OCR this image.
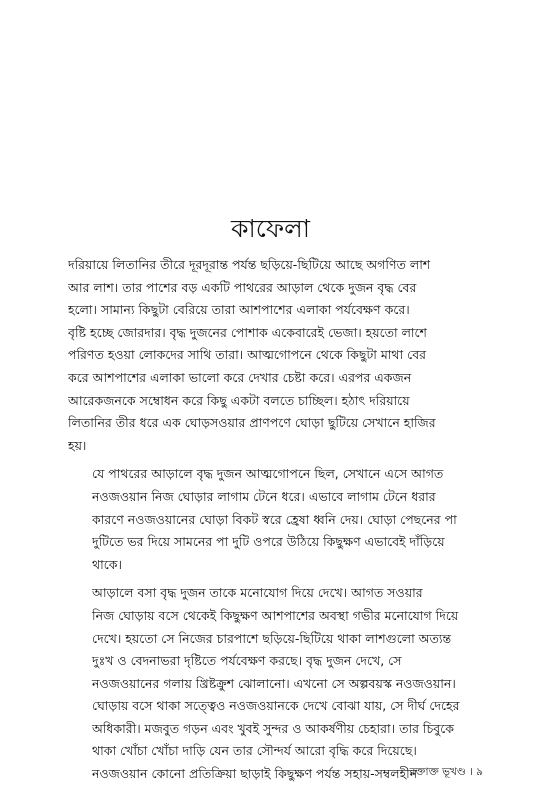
কাফেলা

দরিয়ায়ে লিতানির তীরে দূরদূরান্ত পর্যন্ত ছড়িয়ে-ছিটিয়ে আছে অগণিত লাশ
আর লাশ। তার পাশের বড় একটি পাথরের আড়াল থেকে দুজন বৃদ্ধ বের
হলো। সামান্য কিছুটা বেরিয়ে তারা আশপাশের এলাকা পর্যবেক্ষণ করে।
বৃষ্টি হচ্ছে জোরদার। বৃদ্ধ দুজনের পোশাক একেবারেই ভেজা। হয়তো লাশে
পরিণত হওয়া লোকদের সাথি তারা। আত্মগোপনে থেকে কিছুটা মাথা বের
করে আশপাশের এলাকা ভালো করে দেখার চেষ্টা করে। এরপর একজন
আরেকজনকে সম্বোধন করে কিছু একটা বলতে চাচ্ছিল। হঠাৎ দরিয়ায়ে
লিতানির তীর ধরে এক ঘোড়সওয়ার প্রাণপণে ঘোড়া ছুটিয়ে সেখানে হাজির
হয়।

যে পাথরের আড়ালে বৃদ্ধ দুজন আত্মগোপনে ছিল, সেখানে এসে আগত
নওজওয়ান নিজ ঘোড়ার লাগাম টেনে ধরে। এভাবে লাগাম টেনে ধরার
কারণে নওজওয়ানের ঘোড়া বিকট স্বরে হ্রেষা ধ্বনি দেয়। ঘোড়া পেছনের পা
দুটিতে ভর দিয়ে সামনের পা দুটি ওপরে উঠিয়ে কিছুক্ষণ এভাবেই দাঁড়িয়ে
থাকে।

আড়ালে বসা বৃদ্ধ দুজন তাকে মনোযোগ দিয়ে দেখে। আগত সওয়ার
নিজ ঘোড়ায় বসে থেকেই কিছুক্ষণ আশপাশের অবস্থা গভীর মনোযোগ দিয়ে
দেখে। হয়তো সে নিজের চারপাশে ছড়িয়ে-ছিটিয়ে থাকা লাশগুলো অত্যন্ত
দুঃখ ও বেদনাভরা দৃষ্টিতে পর্যবেক্ষণ করছে। বৃদ্ধ দুজন দেখে, সে
নওজওয়ানের গলায় খ্রিষ্টক্রুশ ঝোলানো। এখনো সে অল্পবয়স্ক নওজওয়ান।
ঘোড়ায় বসে থাকা সত্ত্বেও নওজওয়ানকে দেখে বোঝা যায়, সে দীর্ঘ দেহের
অধিকারী। মজবুত গড়ন এবং খুবই সুন্দর ও আকর্ষণীয় চেহারা। তার চিবুকে
থাকা খোঁচা খোঁচা দাড়ি যেন তার সৌন্দর্য আরো বৃদ্ধি করে দিয়েছে।
নওজওয়ান কোনো প্রতিক্রিয়া ছাড়াই কিছুক্ষণ পর্যন্ত সহায়-সম্বলহীন

রক্তাক্ত ভূখণ্ড । ৯
